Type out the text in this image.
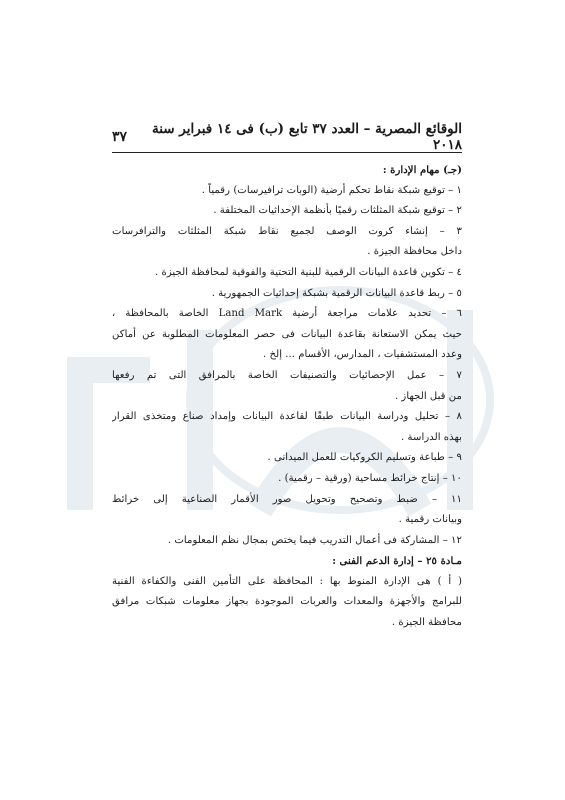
الوقائع المصرية – العدد ٣٧ تابع (ب) فى ١٤ فبراير سنة ٢٠١٨
٣٧
(جـ) مهام الإدارة :
١ – توقيع شبكة نقاط تحكم أرضية (الوبات ترافيرسات) رقمياً .
٢ – توقيع شبكة المثلثات رقميًا بأنظمة الإحداثيات المختلفة .
٣ – إنشاء كروت الوصف لجميع نقاط شبكة المثلثات والترافرسات
داخل محافظة الجيزة .
٤ – تكوين قاعدة البيانات الرقمية للبنية التحتية والفوقية لمحافظة الجيزة .
٥ – ربط قاعدة البيانات الرقمية بشبكة إحداثيات الجمهورية .
٦ – تحديد علامات مراجعة أرضية Land Mark الخاصة بالمحافظة ،
حيث يمكن الاستعانة بقاعدة البيانات فى حصر المعلومات المطلوبة عن أماكن
وعدد المستشفيات ، المدارس، الأقسام ... إلخ .
٧ – عمل الإحصائيات والتصنيفات الخاصة بالمرافق التى تم رفعها
من قبل الجهاز .
٨ – تحليل ودراسة البيانات طبقًا لقاعدة البيانات وإمداد صناع ومتخذى القرار
بهذه الدراسة .
٩ – طباعة وتسليم الكروكيات للعمل الميدانى .
١٠ – إنتاج خرائط مساحية (ورقية – رقمية) .
١١ – ضبط وتصحيح وتحويل صور الأقمار الصناعية إلى خرائط
وبيانات رقمية .
١٢ – المشاركة فى أعمال التدريب فيما يختص بمجال نظم المعلومات .
مـادة ٢٥ – إدارة الدعم الفنى :
( أ ) هى الإدارة المنوط بها : المحافظة على التأمين الفنى والكفاءة الفنية
للبرامج والأجهزة والمعدات والعربات الموجودة بجهاز معلومات شبكات مرافق
محافظة الجيزة .
